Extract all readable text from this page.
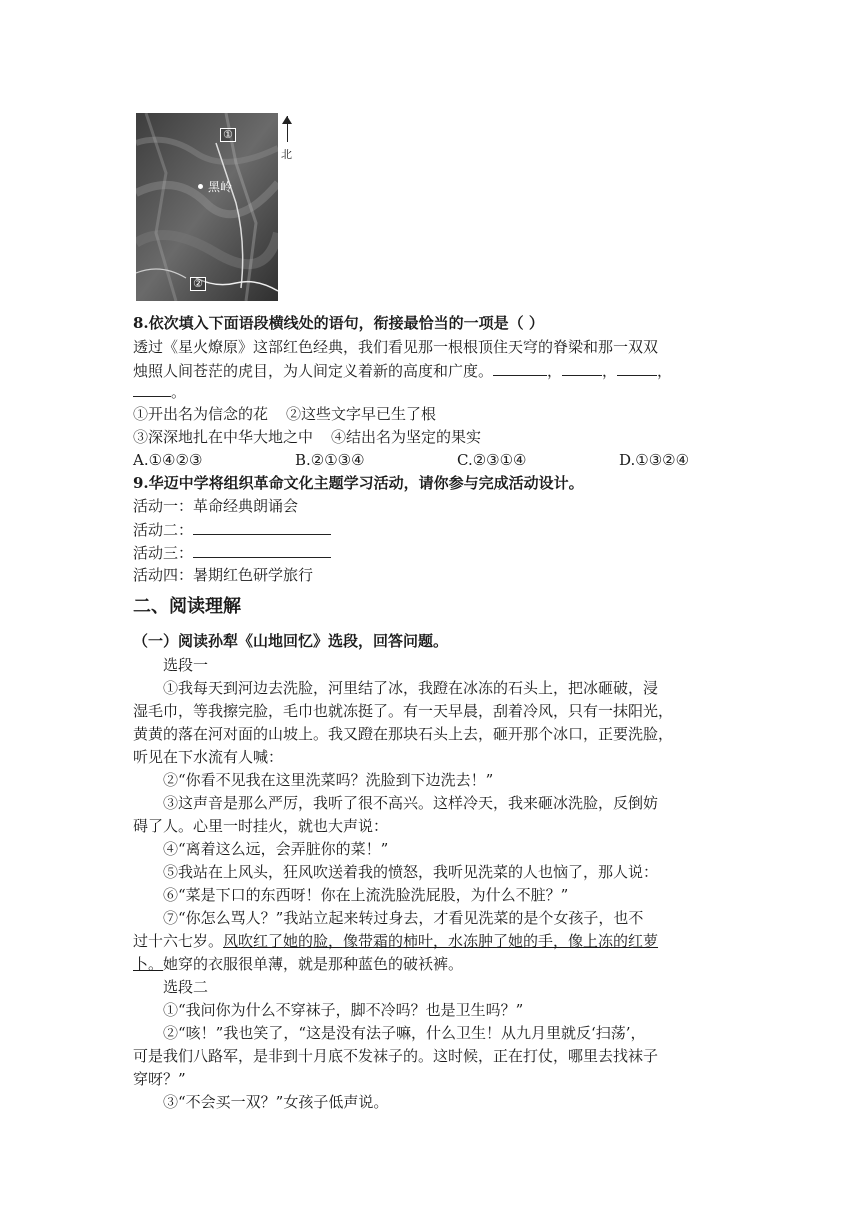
①
黑岭
②
北
8.依次填入下面语段横线处的语句，衔接最恰当的一项是（ ）
透过《星火燎原》这部红色经典，我们看见那一根根顶住天穹的脊梁和那一双双
烛照人间苍茫的虎目，为人间定义着新的高度和广度。	，	，	，
。
①开出名为信念的花 ②这些文字早已生了根
③深深地扎在中华大地之中 ④结出名为坚定的果实
A.①④②③	B.②①③④	C.②③①④	D.①③②④
9.华迈中学将组织革命文化主题学习活动，请你参与完成活动设计。
活动一：革命经典朗诵会
活动二：
活动三：
活动四：暑期红色研学旅行
二、阅读理解
（一）阅读孙犁《山地回忆》选段，回答问题。
选段一
①我每天到河边去洗脸，河里结了冰，我蹬在冰冻的石头上，把冰砸破，浸
湿毛巾，等我擦完脸，毛巾也就冻挺了。有一天早晨，刮着冷风，只有一抹阳光，
黄黄的落在河对面的山坡上。我又蹬在那块石头上去，砸开那个冰口，正要洗脸，
听见在下水流有人喊：
②“你看不见我在这里洗菜吗？洗脸到下边洗去！”
③这声音是那么严厉，我听了很不高兴。这样冷天，我来砸冰洗脸，反倒妨
碍了人。心里一时挂火，就也大声说：
④“离着这么远，会弄脏你的菜！”
⑤我站在上风头，狂风吹送着我的愤怒，我听见洗菜的人也恼了，那人说：
⑥“菜是下口的东西呀！你在上流洗脸洗屁股，为什么不脏？”
⑦“你怎么骂人？”我站立起来转过身去，才看见洗菜的是个女孩子，也不
过十六七岁。风吹红了她的脸，像带霜的柿叶，水冻肿了她的手，像上冻的红萝
卜。她穿的衣服很单薄，就是那种蓝色的破袄裤。
选段二
①“我问你为什么不穿袜子，脚不冷吗？也是卫生吗？”
②“咳！”我也笑了，“这是没有法子嘛，什么卫生！从九月里就反‘扫荡’，
可是我们八路军，是非到十月底不发袜子的。这时候，正在打仗，哪里去找袜子
穿呀？”
③“不会买一双？”女孩子低声说。
